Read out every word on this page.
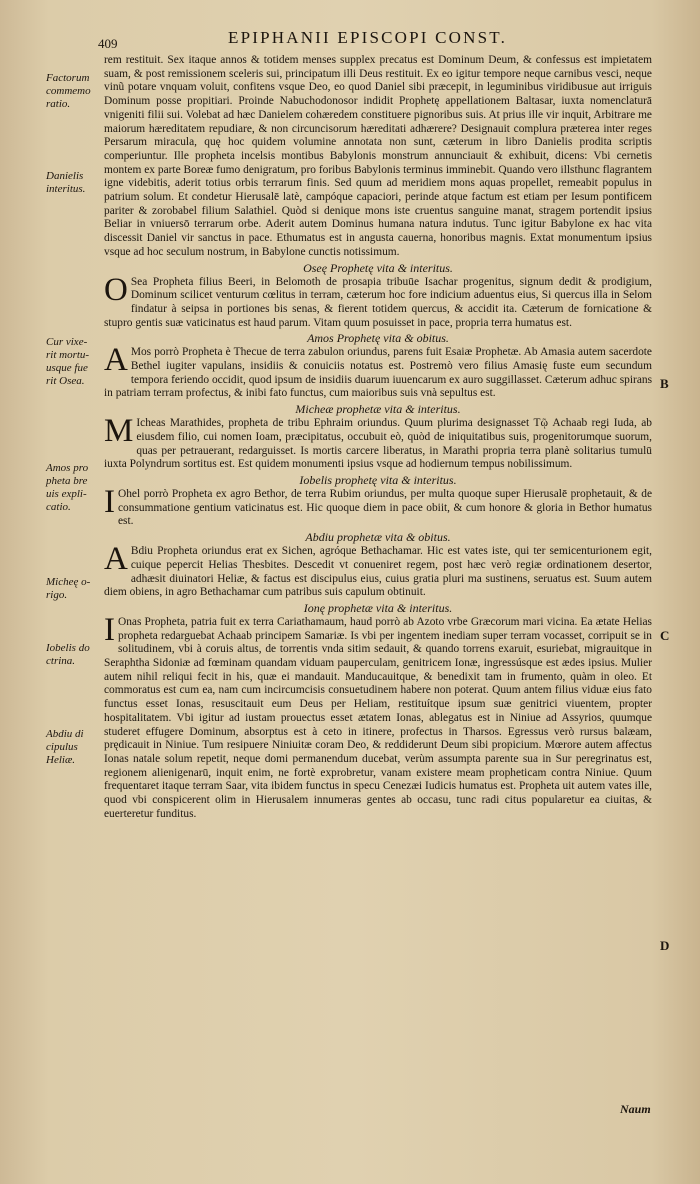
409	EPIPHANII EPISCOPI CONST.
Factorum
commemo
ratio.
Danielis
interitus.
Cur vixe-
rit mortu-
usque fue
rit Osea.
Amos pro
pheta bre
uis expli-
catio.
Micheę o-
rigo.
Iobelis do
ctrina.
Abdiu di
cipulus
Heliæ.
B
C
D

rem restituit. Sex itaque annos & totidem menses supplex precatus est Dominum Deum, & confessus est impietatem suam, & post remissionem sceleris sui, principatum illi Deus restituit. Ex eo igitur tempore neque carnibus vesci, neque vinũ potare vnquam voluit, confitens vsque Deo, eo quod Daniel sibi præcepit, in leguminibus viridibusue aut irriguis Dominum posse propitiari. Proinde Nabuchodonosor indidit Prophetę appellationem Baltasar, iuxta nomenclaturā vnigeniti filii sui. Volebat ad hæc Danielem cohæredem constituere pignoribus suis. At prius ille vir inquit, Arbitrare me maiorum hæreditatem repudiare, & non circuncisorum hæreditati adhærere? Designauit complura præterea inter reges Persarum miracula, quę hoc quidem volumine annotata non sunt, cæterum in libro Danielis prodita scriptis comperiuntur. Ille propheta incelsis montibus Babylonis monstrum annunciauit & exhibuit, dicens: Vbi cernetis montem ex parte Boreæ fumo denigratum, pro foribus Babylonis terminus imminebit. Quando vero illsthunc flagrantem igne videbitis, aderit totius orbis terrarum finis. Sed quum ad meridiem mons aquas propellet, remeabit populus in patrium solum. Et condetur Hierusalē latè, campóque capaciori, perinde atque factum est etiam per Iesum pontificem pariter & zorobabel filium Salathiel. Quòd si denique mons iste cruentus sanguine manat, stragem portendit ipsius Beliar in vniuersō terrarum orbe. Aderit autem Dominus humana natura indutus. Tunc igitur Babylone ex hac vita discessit Daniel vir sanctus in pace. Ethumatus est in angusta cauerna, honoribus magnis. Extat monumentum ipsius vsque ad hoc seculum nostrum, in Babylone cunctis notissimum.

Oseę Prophetę vita & interitus.

O Sea Propheta filius Beeri, in Belomoth de prosapia tribuūe Isachar progenitus, signum dedit & prodigium, Dominum scilicet venturum cœlitus in terram, cæterum hoc fore indicium aduentus eius, Si quercus illa in Selom findatur à seipsa in portiones bis senas, & fierent totidem quercus, & accidit ita. Cæterum de fornicatione & stupro gentis suæ vaticinatus est haud parum. Vitam quum posuisset in pace, propria terra humatus est.

Amos Prophetę vita & obitus.

A Mos porrò Propheta è Thecue de terra zabulon oriundus, parens fuit Esaiæ Prophetæ. Ab Amasia autem sacerdote Bethel iugiter vapulans, insidiis & conuiciis notatus est. Postremò vero filius Amasię fuste eum secundum tempora feriendo occidit, quod ipsum de insidiis duarum iuuencarum ex auro suggillasset. Cæterum adhuc spirans in patriam terram profectus, & inibi fato functus, cum maioribus suis vnà sepultus est.

Micheæ prophetæ vita & interitus.

M Icheas Marathides, propheta de tribu Ephraim oriundus. Quum plurima designasset Τῷ Achaab regi Iuda, ab eiusdem filio, cui nomen Ioam, præcipitatus, occubuit eò, quòd de iniquitatibus suis, progenitorumque suorum, quas per petrauerant, redarguisset. Is mortis carcere liberatus, in Marathi propria terra planè solitarius tumulū iuxta Polyndrum sortitus est. Est quidem monumenti ipsius vsque ad hodiernum tempus nobilissimum.

Iobelis prophetę vita & interitus.

I Ohel porrò Propheta ex agro Bethor, de terra Rubim oriundus, per multa quoque super Hierusalē prophetauit, & de consummatione gentium vaticinatus est. Hic quoque diem in pace obiit, & cum honore & gloria in Bethor humatus est.

Abdiu prophetæ vita & obitus.

A Bdiu Propheta oriundus erat ex Sichen, agróque Bethachamar. Hic est vates iste, qui ter semicenturionem egit, cuique pepercit Helias Thesbites. Descedit vt conueniret regem, post hæc verò regiæ ordinationem desertor, adhæsit diuinatori Heliæ, & factus est discipulus eius, cuius gratia pluri ma sustinens, seruatus est. Suum autem diem obiens, in agro Bethachamar cum patribus suis capulum obtinuit.

Ionę prophetæ vita & interitus.

I Onas Propheta, patria fuit ex terra Cariathamaum, haud porrò ab Azoto vrbe Græcorum mari vicina. Ea ætate Helias propheta redarguebat Achaab principem Samariæ. Is vbi per ingentem inediam super terram vocasset, corripuit se in solitudinem, vbi à coruis altus, de torrentis vnda sitim sedauit, & quando torrens exaruit, esuriebat, migrauitque in Seraphtha Sidoniæ ad fœminam quandam viduam pauperculam, genitricem Ionæ, ingressúsque est ædes ipsius. Mulier autem nihil reliqui fecit in his, quæ ei mandauit. Manducauitque, & benedixit tam in frumento, quàm in oleo. Et commoratus est cum ea, nam cum incircumcisis consuetudinem habere non poterat. Quum antem filius viduæ eius fato functus esset Ionas, resuscitauit eum Deus per Heliam, restituítque ipsum suæ genitrici viuentem, propter hospitalitatem. Vbi igitur ad iustam prouectus esset ætatem Ionas, ablegatus est in Niniue ad Assyrios, quumque studeret effugere Dominum, absorptus est à ceto in itinere, profectus in Tharsos. Egressus verò rursus balæam, prędicauit in Niniue. Tum resipuere Niniuitæ coram Deo, & reddiderunt Deum sibi propicium. Mœrore autem affectus Ionas natale solum repetit, neque domi permanendum ducebat, verùm assumpta parente sua in Sur peregrinatus est, regionem alienigenarū, inquit enim, ne fortè exprobretur, vanam existere meam propheticam contra Niniue. Quum frequentaret itaque terram Saar, vita ibidem functus in specu Cenezæi Iudicis humatus est. Propheta uit autem vates ille, quod vbi conspicerent olim in Hierusalem innumeras gentes ab occasu, tunc radi citus popularetur ea ciuitas, & euerteretur funditus.

Naum
